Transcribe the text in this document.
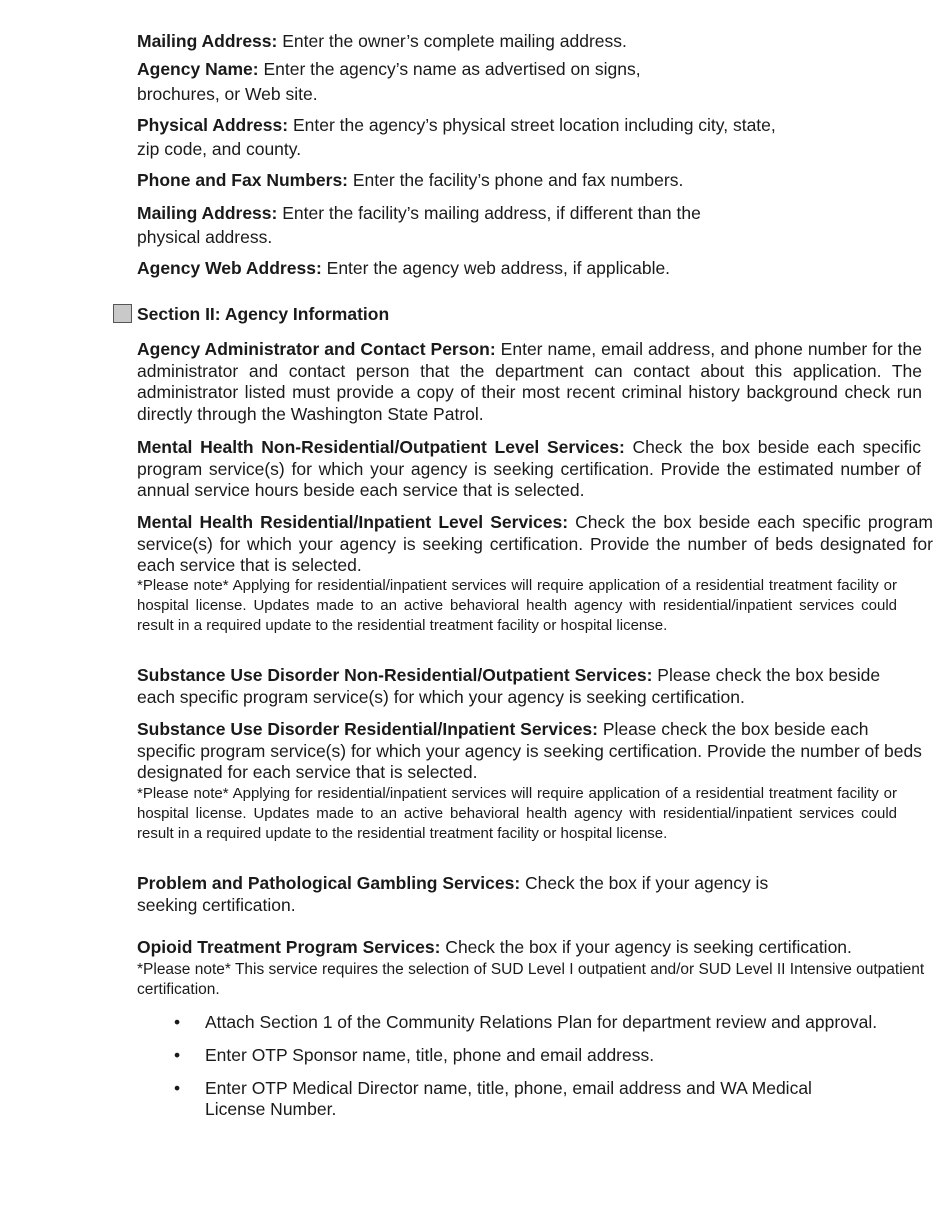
Mailing Address: Enter the owner’s complete mailing address.

Agency Name: Enter the agency’s name as advertised on signs, brochures, or Web site.

Physical Address: Enter the agency’s physical street location including city, state, zip code, and county.

Phone and Fax Numbers: Enter the facility’s phone and fax numbers.

Mailing Address: Enter the facility’s mailing address, if different than the physical address.

Agency Web Address: Enter the agency web address, if applicable.

Section II: Agency Information

Agency Administrator and Contact Person: Enter name, email address, and phone number for the administrator and contact person that the department can contact about this application. The administrator listed must provide a copy of their most recent criminal history background check run directly through the Washington State Patrol.

Mental Health Non-Residential/Outpatient Level Services: Check the box beside each specific program service(s) for which your agency is seeking certification. Provide the estimated number of annual service hours beside each service that is selected.

Mental Health Residential/Inpatient Level Services: Check the box beside each specific program service(s) for which your agency is seeking certification. Provide the number of beds designated for each service that is selected.

*Please note* Applying for residential/inpatient services will require application of a residential treatment facility or hospital license. Updates made to an active behavioral health agency with residential/inpatient services could result in a required update to the residential treatment facility or hospital license.

Substance Use Disorder Non-Residential/Outpatient Services: Please check the box beside each specific program service(s) for which your agency is seeking certification.

Substance Use Disorder Residential/Inpatient Services: Please check the box beside each specific program service(s) for which your agency is seeking certification. Provide the number of beds designated for each service that is selected.

*Please note* Applying for residential/inpatient services will require application of a residential treatment facility or hospital license. Updates made to an active behavioral health agency with residential/inpatient services could result in a required update to the residential treatment facility or hospital license.

Problem and Pathological Gambling Services: Check the box if your agency is seeking certification.

Opioid Treatment Program Services: Check the box if your agency is seeking certification.

*Please note* This service requires the selection of SUD Level I outpatient and/or SUD Level II Intensive outpatient certification.

• Attach Section 1 of the Community Relations Plan for department review and approval.
• Enter OTP Sponsor name, title, phone and email address.
• Enter OTP Medical Director name, title, phone, email address and WA Medical License Number.
